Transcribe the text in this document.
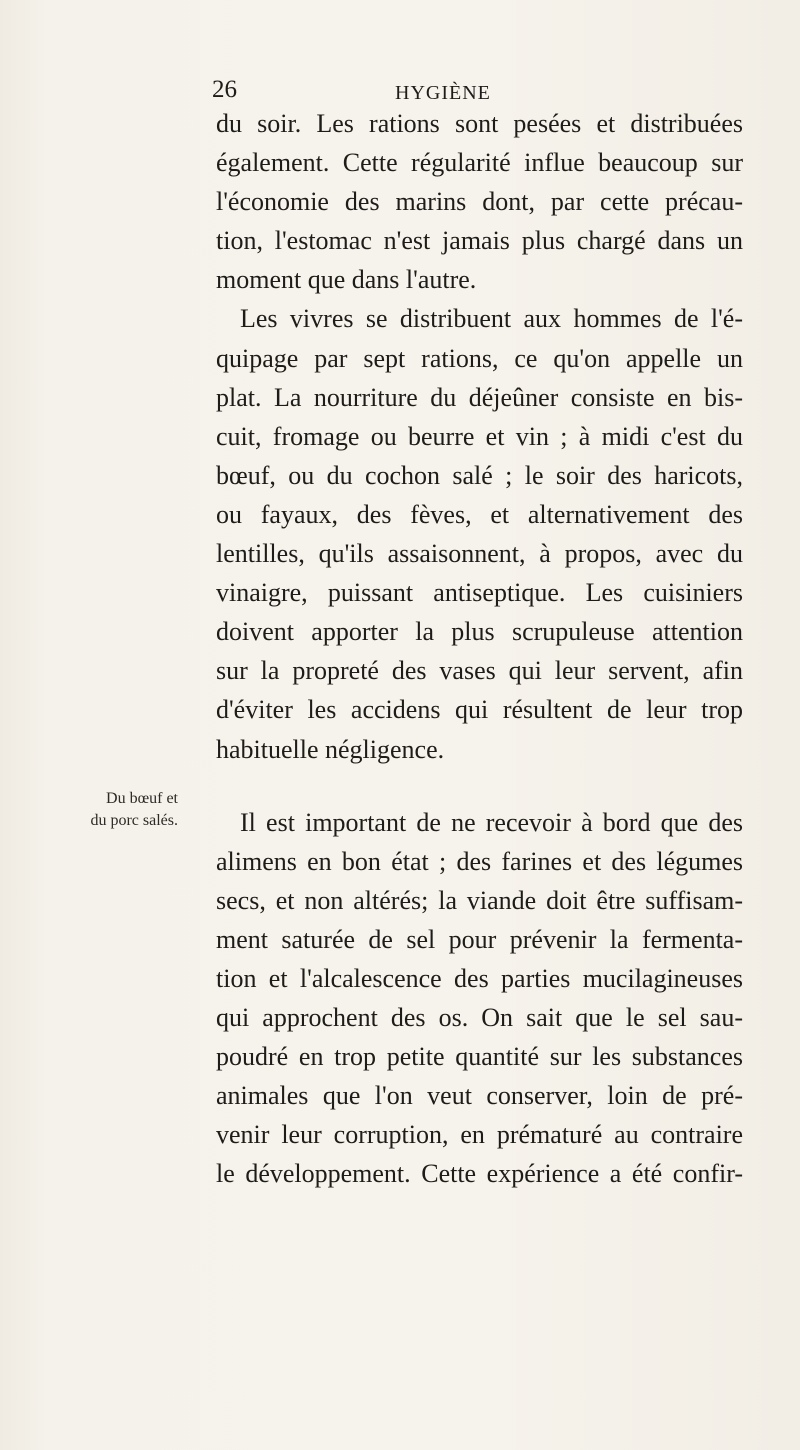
26	HYGIÈNE
Du bœuf et
du porc salés.
du soir. Les rations sont pesées et distribuées
également. Cette régularité influe beaucoup sur
l'économie des marins dont, par cette précau-
tion, l'estomac n'est jamais plus chargé dans un
moment que dans l'autre.
Les vivres se distribuent aux hommes de l'é-
quipage par sept rations, ce qu'on appelle un
plat. La nourriture du déjeûner consiste en bis-
cuit, fromage ou beurre et vin ; à midi c'est du
bœuf, ou du cochon salé ; le soir des haricots,
ou fayaux, des fèves, et alternativement des
lentilles, qu'ils assaisonnent, à propos, avec du
vinaigre, puissant antiseptique. Les cuisiniers
doivent apporter la plus scrupuleuse attention
sur la propreté des vases qui leur servent, afin
d'éviter les accidens qui résultent de leur trop
habituelle négligence.
Il est important de ne recevoir à bord que des
alimens en bon état ; des farines et des légumes
secs, et non altérés; la viande doit être suffisam-
ment saturée de sel pour prévenir la fermenta-
tion et l'alcalescence des parties mucilagineuses
qui approchent des os. On sait que le sel sau-
poudré en trop petite quantité sur les substances
animales que l'on veut conserver, loin de pré-
venir leur corruption, en prématuré au contraire
le développement. Cette expérience a été confir-
